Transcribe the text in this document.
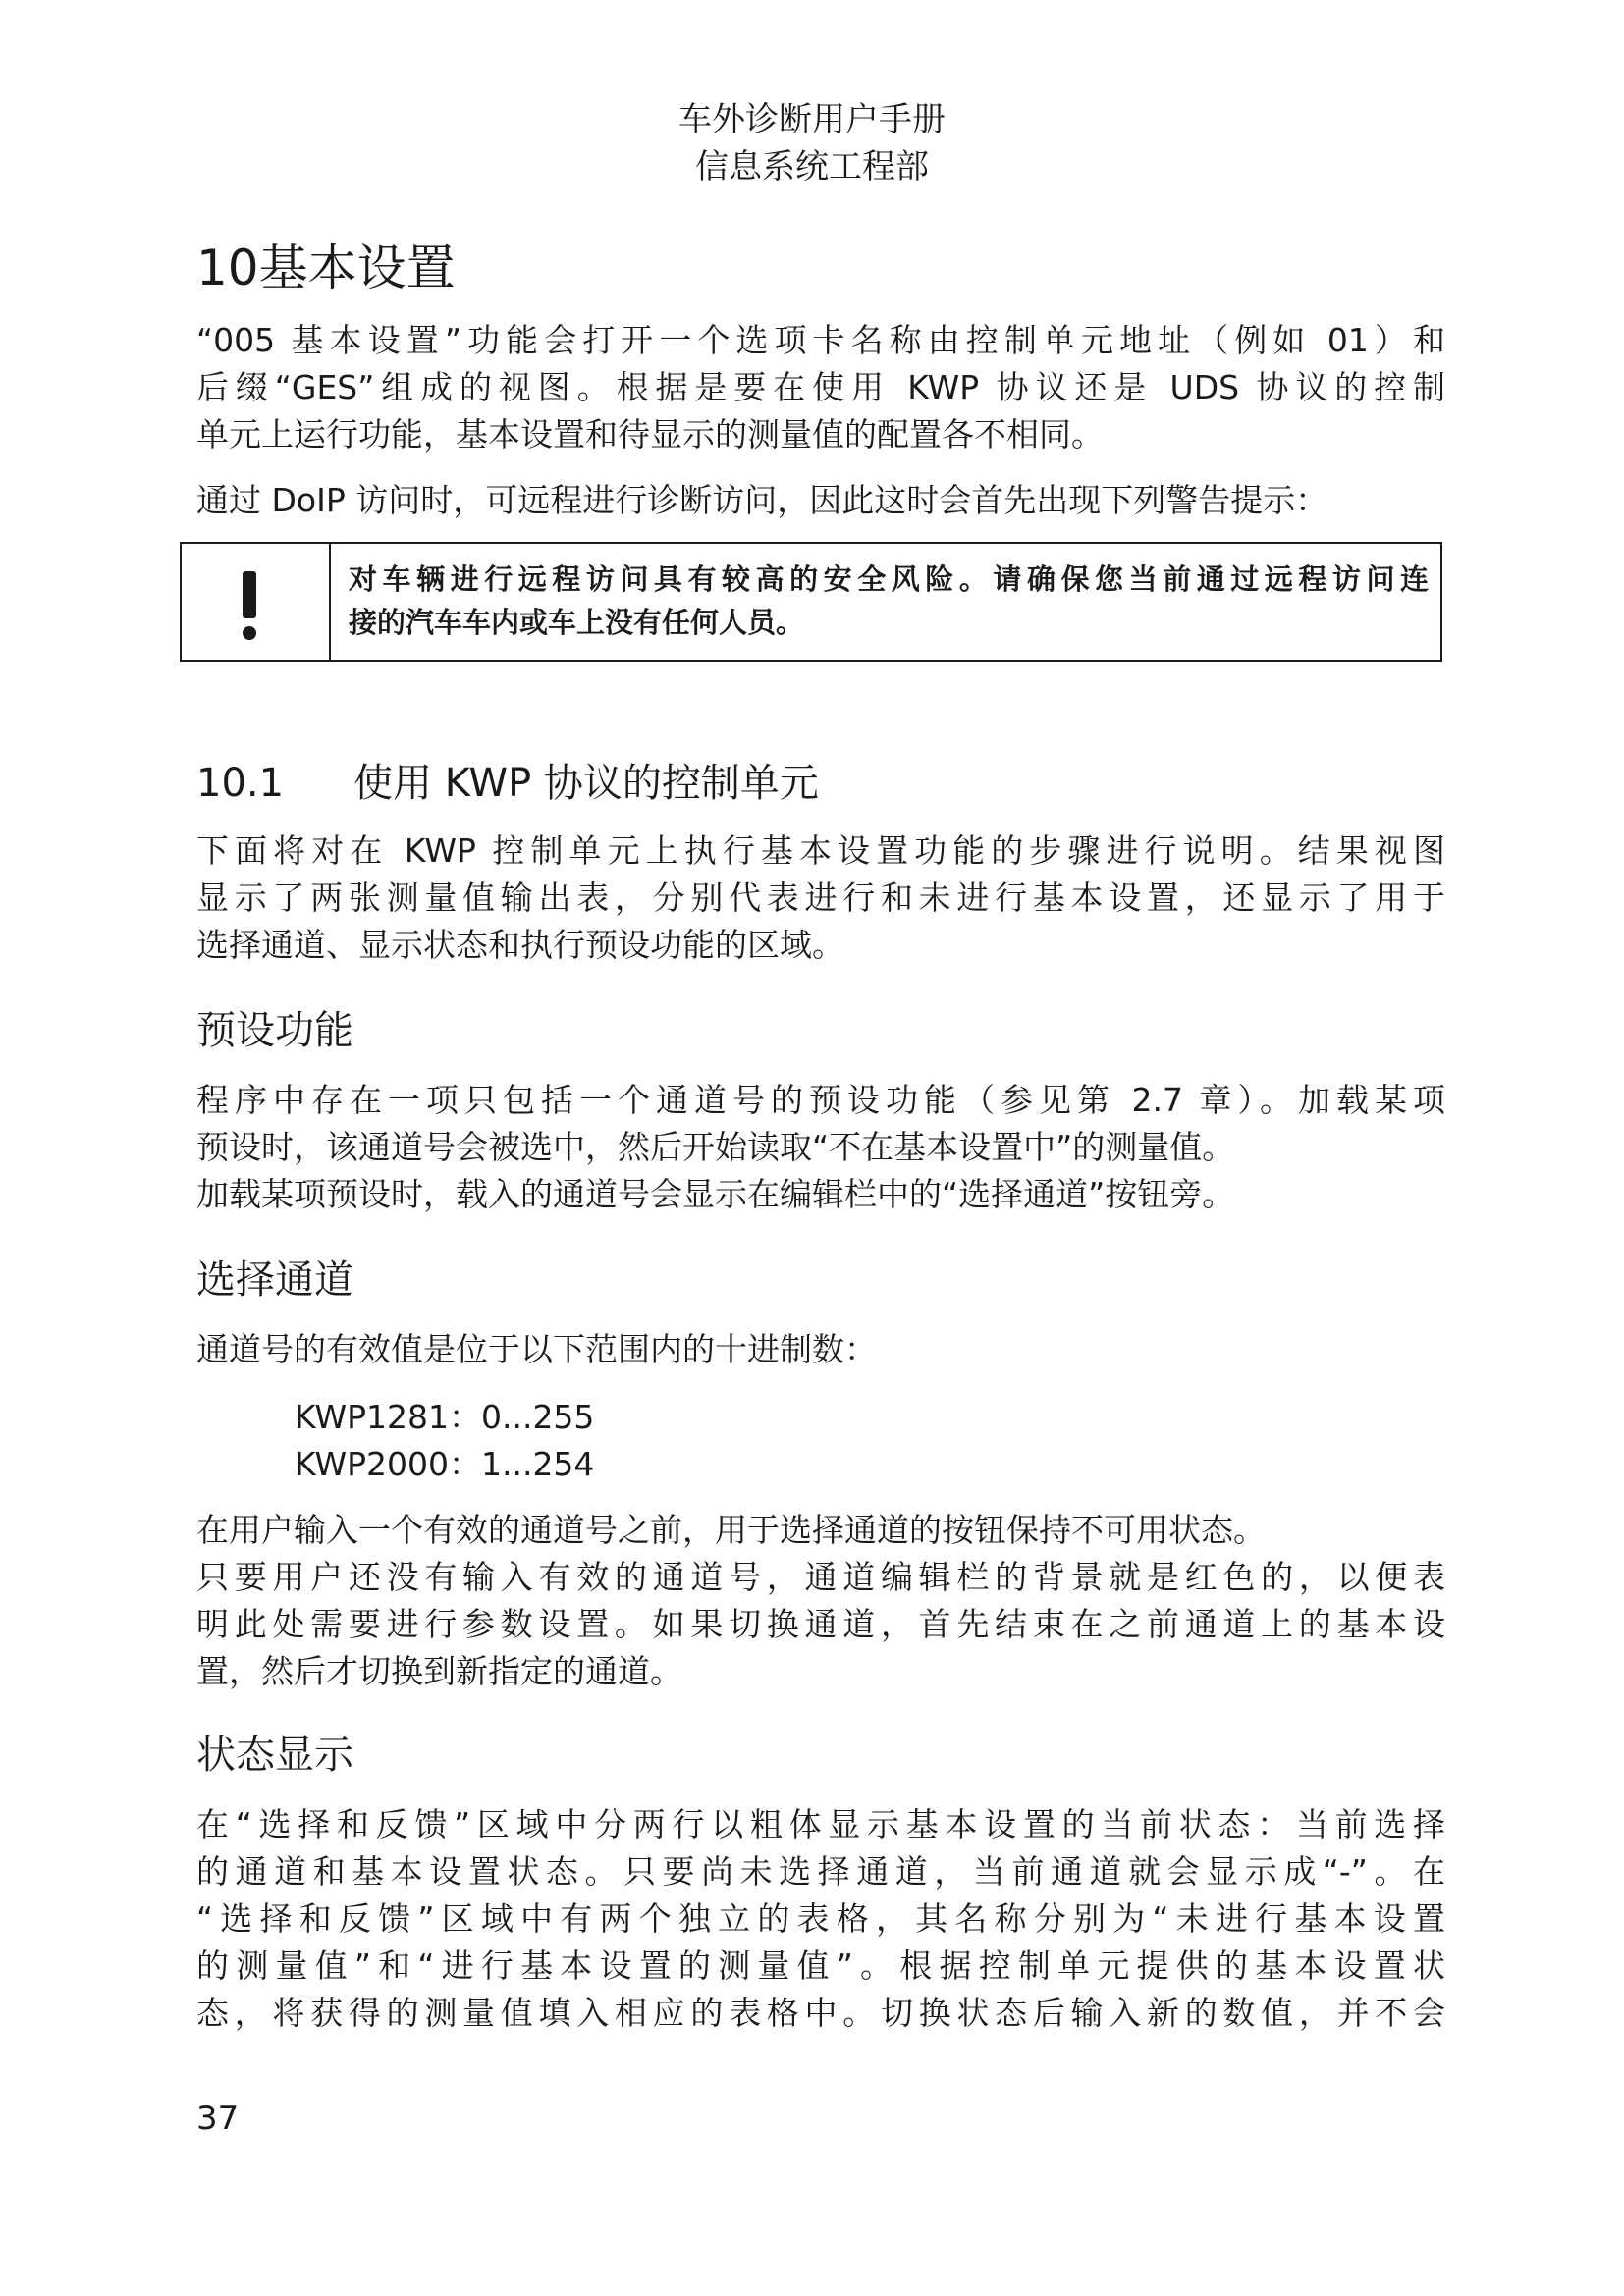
车外诊断用户手册
信息系统工程部
10基本设置
“005 基本设置”功能会打开一个选项卡名称由控制单元地址（例如 01）和
后缀“GES”组成的视图。根据是要在使用 KWP 协议还是 UDS 协议的控制
单元上运行功能，基本设置和待显示的测量值的配置各不相同。
通过 DoIP 访问时，可远程进行诊断访问，因此这时会首先出现下列警告提示：
对车辆进行远程访问具有较高的安全风险。请确保您当前通过远程访问连
接的汽车车内或车上没有任何人员。
10.1 使用 KWP 协议的控制单元
下面将对在 KWP 控制单元上执行基本设置功能的步骤进行说明。结果视图
显示了两张测量值输出表，分别代表进行和未进行基本设置，还显示了用于
选择通道、显示状态和执行预设功能的区域。
预设功能
程序中存在一项只包括一个通道号的预设功能（参见第 2.7 章）。加载某项
预设时，该通道号会被选中，然后开始读取“不在基本设置中”的测量值。
加载某项预设时，载入的通道号会显示在编辑栏中的“选择通道”按钮旁。
选择通道
通道号的有效值是位于以下范围内的十进制数：
KWP1281：0...255
KWP2000：1...254
在用户输入一个有效的通道号之前，用于选择通道的按钮保持不可用状态。
只要用户还没有输入有效的通道号，通道编辑栏的背景就是红色的，以便表
明此处需要进行参数设置。如果切换通道，首先结束在之前通道上的基本设
置，然后才切换到新指定的通道。
状态显示
在“选择和反馈”区域中分两行以粗体显示基本设置的当前状态：当前选择
的通道和基本设置状态。只要尚未选择通道，当前通道就会显示成“-”。在
“选择和反馈”区域中有两个独立的表格，其名称分别为“未进行基本设置
的测量值”和“进行基本设置的测量值”。根据控制单元提供的基本设置状
态，将获得的测量值填入相应的表格中。切换状态后输入新的数值，并不会
37
